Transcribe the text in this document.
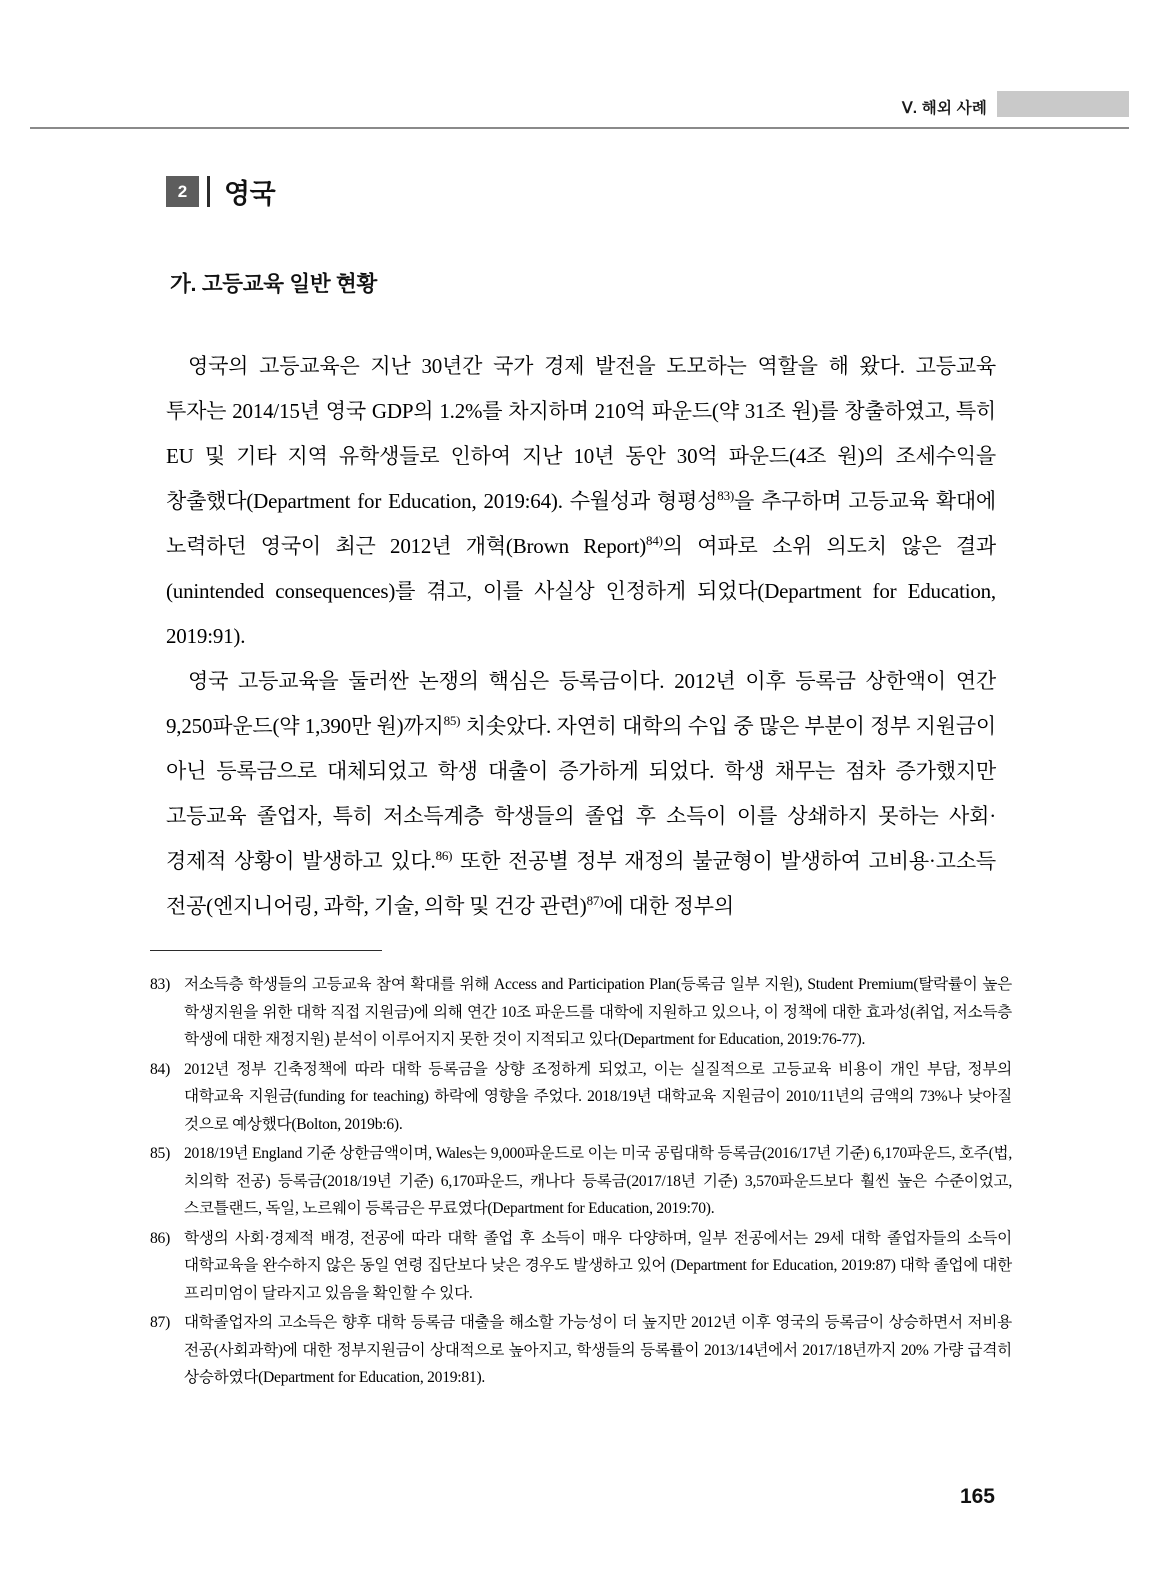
Ⅴ. 해외 사례
2	영국
가. 고등교육 일반 현황

영국의 고등교육은 지난 30년간 국가 경제 발전을 도모하는 역할을 해 왔다. 고등교육 투자는 2014/15년 영국 GDP의 1.2%를 차지하며 210억 파운드(약 31조 원)를 창출하였고, 특히 EU 및 기타 지역 유학생들로 인하여 지난 10년 동안 30억 파운드(4조 원)의 조세수익을 창출했다(Department for Education, 2019:64). 수월성과 형평성$^{83)}$을 추구하며 고등교육 확대에 노력하던 영국이 최근 2012년 개혁(Brown Report)$^{84)}$의 여파로 소위 의도치 않은 결과(unintended consequences)를 겪고, 이를 사실상 인정하게 되었다(Department for Education, 2019:91).

영국 고등교육을 둘러싼 논쟁의 핵심은 등록금이다. 2012년 이후 등록금 상한액이 연간 9,250파운드(약 1,390만 원)까지$^{85)}$ 치솟았다. 자연히 대학의 수입 중 많은 부분이 정부 지원금이 아닌 등록금으로 대체되었고 학생 대출이 증가하게 되었다. 학생 채무는 점차 증가했지만 고등교육 졸업자, 특히 저소득계층 학생들의 졸업 후 소득이 이를 상쇄하지 못하는 사회·경제적 상황이 발생하고 있다.$^{86)}$ 또한 전공별 정부 재정의 불균형이 발생하여 고비용·고소득 전공(엔지니어링, 과학, 기술, 의학 및 건강 관련)$^{87)}$에 대한 정부의

83) 저소득층 학생들의 고등교육 참여 확대를 위해 Access and Participation Plan(등록금 일부 지원), Student Premium(탈락률이 높은 학생지원을 위한 대학 직접 지원금)에 의해 연간 10조 파운드를 대학에 지원하고 있으나, 이 정책에 대한 효과성(취업, 저소득층 학생에 대한 재정지원) 분석이 이루어지지 못한 것이 지적되고 있다(Department for Education, 2019:76-77).
84) 2012년 정부 긴축정책에 따라 대학 등록금을 상향 조정하게 되었고, 이는 실질적으로 고등교육 비용이 개인 부담, 정부의 대학교육 지원금(funding for teaching) 하락에 영향을 주었다. 2018/19년 대학교육 지원금이 2010/11년의 금액의 73%나 낮아질 것으로 예상했다(Bolton, 2019b:6).
85) 2018/19년 England 기준 상한금액이며, Wales는 9,000파운드로 이는 미국 공립대학 등록금(2016/17년 기준) 6,170파운드, 호주(법, 치의학 전공) 등록금(2018/19년 기준) 6,170파운드, 캐나다 등록금(2017/18년 기준) 3,570파운드보다 훨씬 높은 수준이었고, 스코틀랜드, 독일, 노르웨이 등록금은 무료였다(Department for Education, 2019:70).
86) 학생의 사회·경제적 배경, 전공에 따라 대학 졸업 후 소득이 매우 다양하며, 일부 전공에서는 29세 대학 졸업자들의 소득이 대학교육을 완수하지 않은 동일 연령 집단보다 낮은 경우도 발생하고 있어 (Department for Education, 2019:87) 대학 졸업에 대한 프리미엄이 달라지고 있음을 확인할 수 있다.
87) 대학졸업자의 고소득은 향후 대학 등록금 대출을 해소할 가능성이 더 높지만 2012년 이후 영국의 등록금이 상승하면서 저비용 전공(사회과학)에 대한 정부지원금이 상대적으로 높아지고, 학생들의 등록률이 2013/14년에서 2017/18년까지 20% 가량 급격히 상승하였다(Department for Education, 2019:81).
165
